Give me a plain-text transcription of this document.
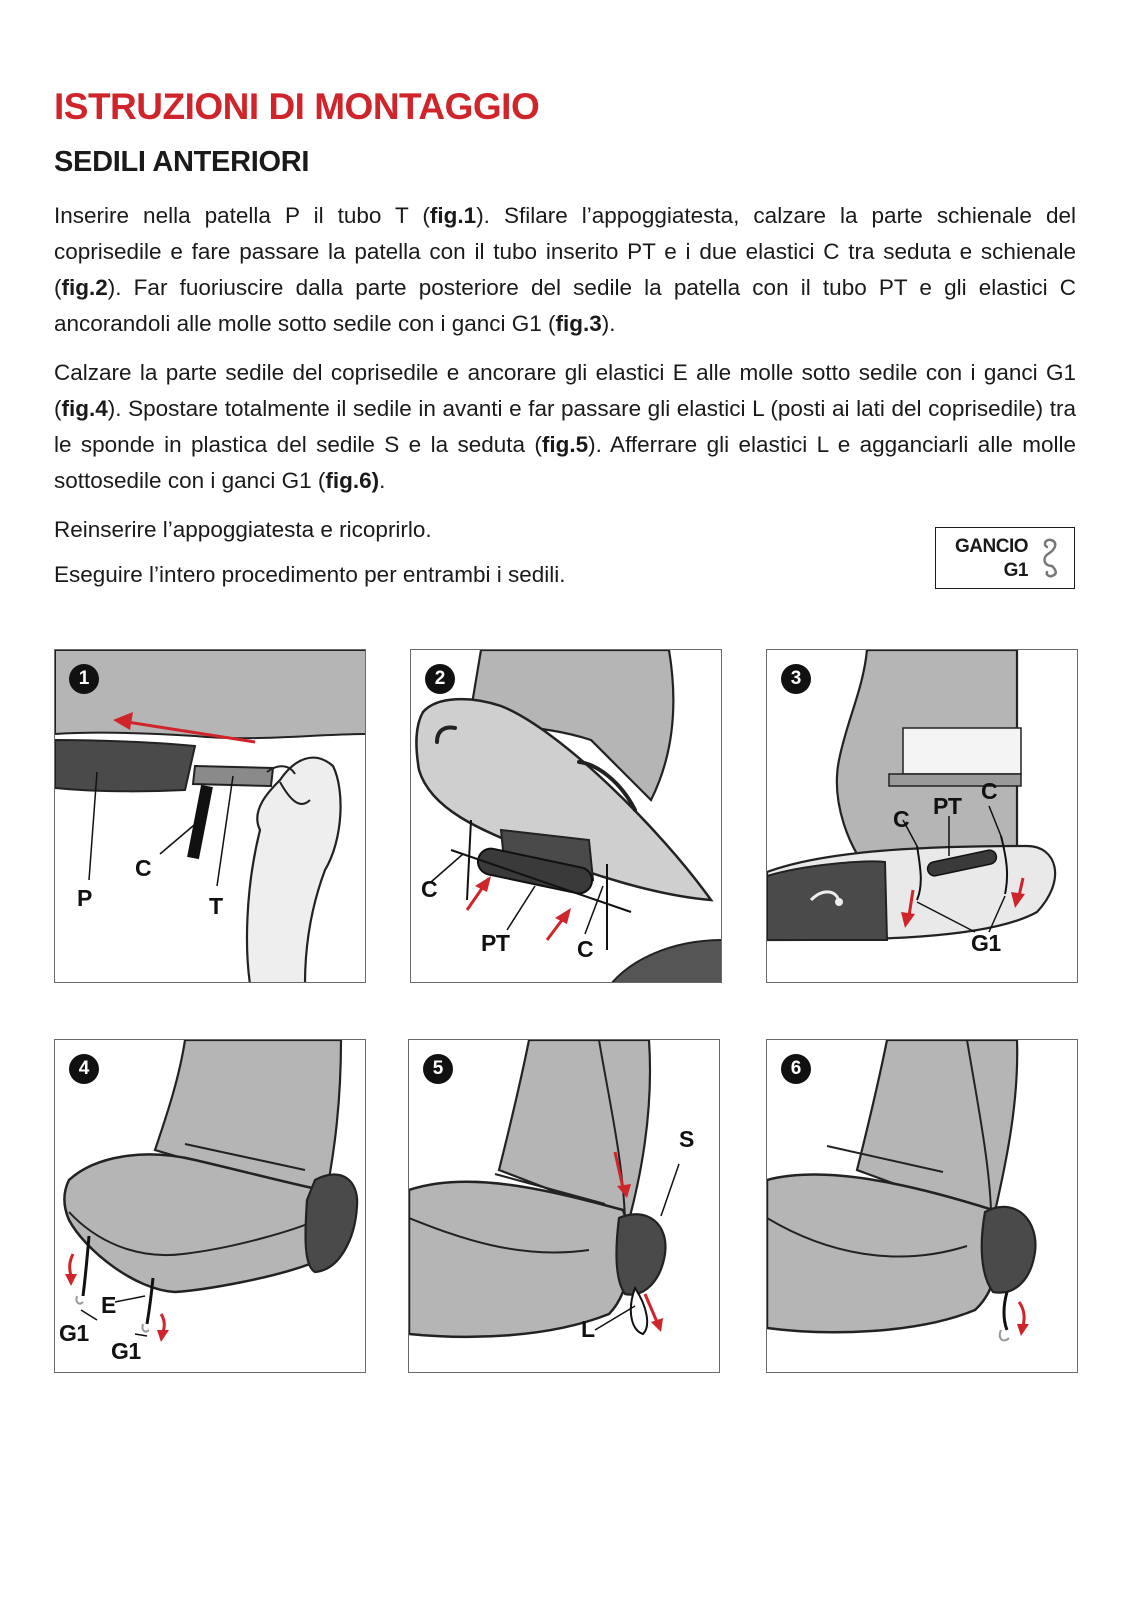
ISTRUZIONI DI MONTAGGIO
SEDILI ANTERIORI

Inserire nella patella P il tubo T (fig.1). Sfilare l’appoggiatesta, calzare la parte schienale del coprisedile e fare passare la patella con il tubo inserito PT e i due elastici C tra seduta e schienale (fig.2). Far fuoriuscire dalla parte posteriore del sedile la patella con il tubo PT e gli elastici C ancorandoli alle molle sotto sedile con i ganci G1 (fig.3).

Calzare la parte sedile del coprisedile e ancorare gli elastici E alle molle sotto sedile con i ganci G1 (fig.4). Spostare totalmente il sedile in avanti e far passare gli elastici L (posti ai lati del coprisedile) tra le sponde in plastica del sedile S e la seduta (fig.5). Afferrare gli elastici L e agganciarli alle molle sottosedile con i ganci G1 (fig.6).

Reinserire l’appoggiatesta e ricoprirlo.

Eseguire l’intero procedimento per entrambi i sedili.

GANCIO
G1
1
C
P	T
2
C
PT	C
3
C PT
C
G1
4
E
G1
G1
5
S
L
6
